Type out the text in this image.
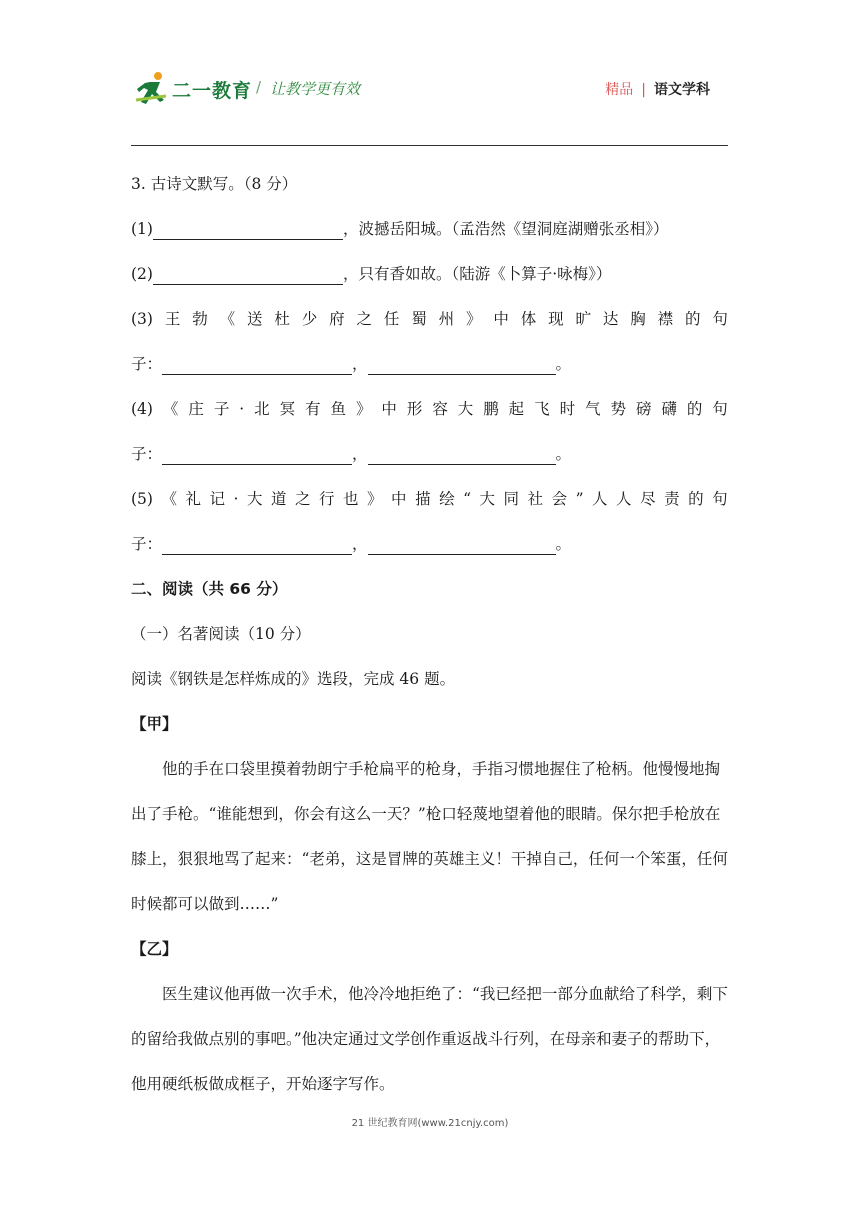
二一教育 / 让教学更有效	精品 | 语文学科
3. 古诗文默写。（8 分）
(1)	，波撼岳阳城。（孟浩然《望洞庭湖赠张丞相》）
(2)	，只有香如故。（陆游《卜算子·咏梅》）
(3) 王 勃 《 送 杜 少 府 之 任 蜀 州 》 中 体 现 旷 达 胸 襟 的 句
子：	，	。
(4) 《 庄 子 · 北 冥 有 鱼 》 中 形 容 大 鹏 起 飞 时 气 势 磅 礴 的 句
子：	，	。
(5) 《 礼 记 · 大 道 之 行 也 》 中 描 绘 “ 大 同 社 会 ” 人 人 尽 责 的 句
子：	，	。
二、阅读（共 66 分）
（一）名著阅读（10 分）
阅读《钢铁是怎样炼成的》选段，完成 46 题。
【甲】
他的手在口袋里摸着勃朗宁手枪扁平的枪身，手指习惯地握住了枪柄。他慢慢地掏出了手枪。“谁能想到，你会有这么一天？”枪口轻蔑地望着他的眼睛。保尔把手枪放在膝上，狠狠地骂了起来：“老弟，这是冒牌的英雄主义！干掉自己，任何一个笨蛋，任何时候都可以做到……”
【乙】
医生建议他再做一次手术，他冷冷地拒绝了：“我已经把一部分血献给了科学，剩下的留给我做点别的事吧。”他决定通过文学创作重返战斗行列，在母亲和妻子的帮助下，他用硬纸板做成框子，开始逐字写作。
21 世纪教育网(www.21cnjy.com)
